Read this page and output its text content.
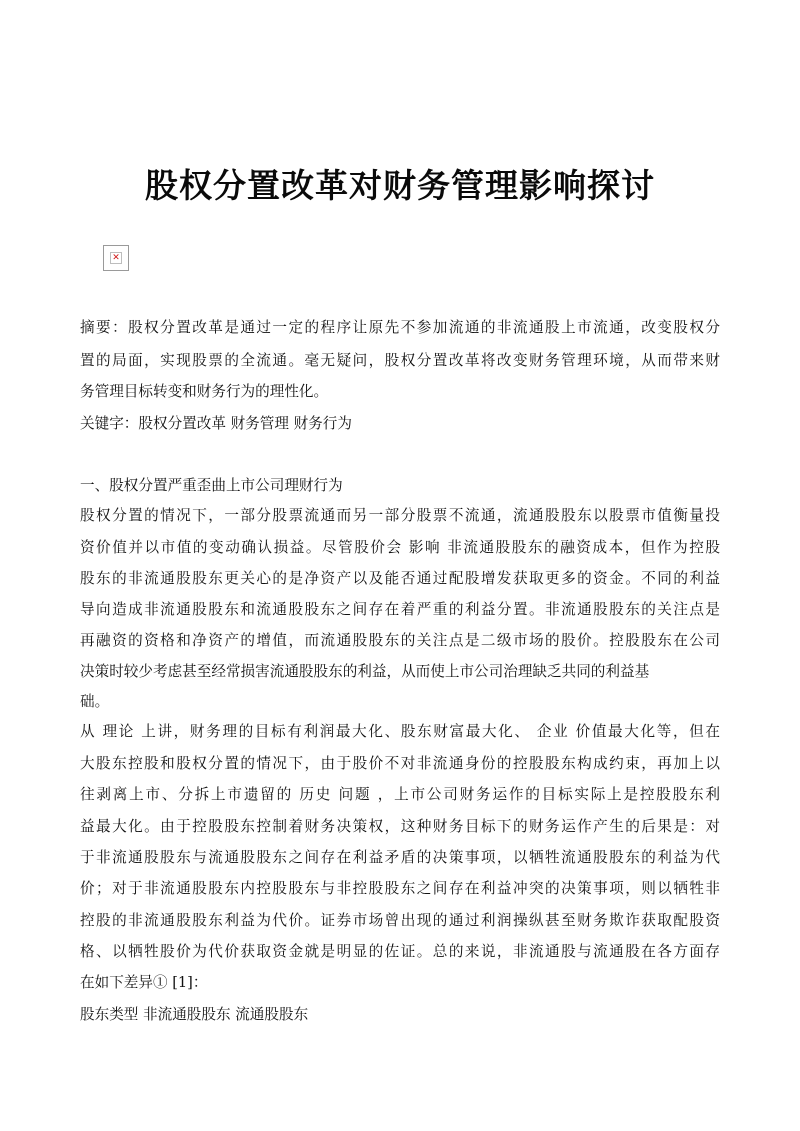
股权分置改革对财务管理影响探讨
✕
摘要：股权分置改革是通过一定的程序让原先不参加流通的非流通股上市流通，改变股权分
置的局面，实现股票的全流通。毫无疑问，股权分置改革将改变财务管理环境，从而带来财
务管理目标转变和财务行为的理性化。
关键字：股权分置改革 财务管理 财务行为
一、股权分置严重歪曲上市公司理财行为
股权分置的情况下，一部分股票流通而另一部分股票不流通，流通股股东以股票市值衡量投
资价值并以市值的变动确认损益。尽管股价会 影响 非流通股股东的融资成本，但作为控股
股东的非流通股股东更关心的是净资产以及能否通过配股增发获取更多的资金。不同的利益
导向造成非流通股股东和流通股股东之间存在着严重的利益分置。非流通股股东的关注点是
再融资的资格和净资产的增值，而流通股股东的关注点是二级市场的股价。控股股东在公司
决策时较少考虑甚至经常损害流通股股东的利益，从而使上市公司治理缺乏共同的利益基
础。
从 理论 上讲，财务理的目标有利润最大化、股东财富最大化、 企业 价值最大化等，但在
大股东控股和股权分置的情况下，由于股价不对非流通身份的控股股东构成约束，再加上以
往剥离上市、分拆上市遗留的 历史 问题 ，上市公司财务运作的目标实际上是控股股东利
益最大化。由于控股股东控制着财务决策权，这种财务目标下的财务运作产生的后果是：对
于非流通股股东与流通股股东之间存在利益矛盾的决策事项，以牺牲流通股股东的利益为代
价；对于非流通股股东内控股股东与非控股股东之间存在利益冲突的决策事项，则以牺牲非
控股的非流通股股东利益为代价。证券市场曾出现的通过利润操纵甚至财务欺诈获取配股资
格、以牺牲股价为代价获取资金就是明显的佐证。总的来说，非流通股与流通股在各方面存
在如下差异① [1]：
股东类型 非流通股股东 流通股股东
